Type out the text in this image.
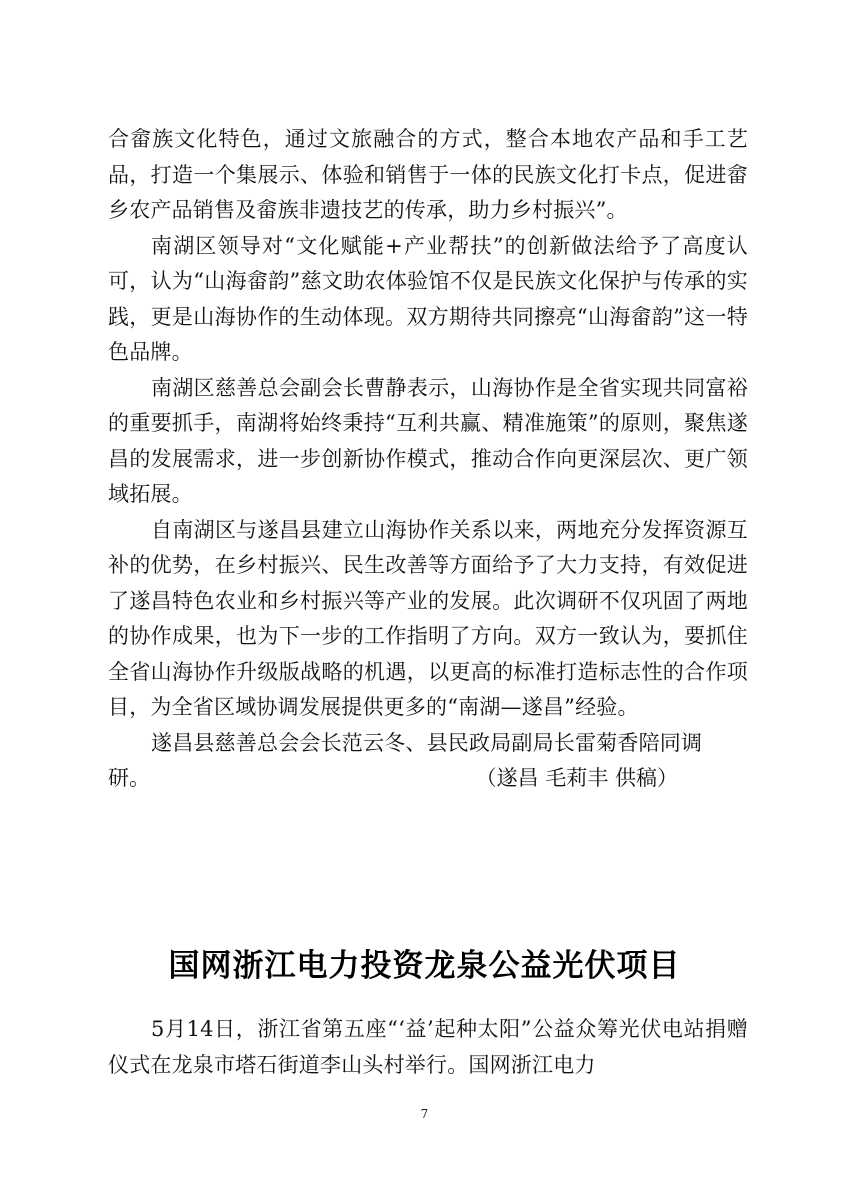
合畲族文化特色，通过文旅融合的方式，整合本地农产品和手工艺品，打造一个集展示、体验和销售于一体的民族文化打卡点，促进畲乡农产品销售及畲族非遗技艺的传承，助力乡村振兴”。

南湖区领导对“文化赋能+产业帮扶”的创新做法给予了高度认可，认为“山海畲韵”慈文助农体验馆不仅是民族文化保护与传承的实践，更是山海协作的生动体现。双方期待共同擦亮“山海畲韵”这一特色品牌。

南湖区慈善总会副会长曹静表示，山海协作是全省实现共同富裕的重要抓手，南湖将始终秉持“互利共赢、精准施策”的原则，聚焦遂昌的发展需求，进一步创新协作模式，推动合作向更深层次、更广领域拓展。

自南湖区与遂昌县建立山海协作关系以来，两地充分发挥资源互补的优势，在乡村振兴、民生改善等方面给予了大力支持，有效促进了遂昌特色农业和乡村振兴等产业的发展。此次调研不仅巩固了两地的协作成果，也为下一步的工作指明了方向。双方一致认为，要抓住全省山海协作升级版战略的机遇，以更高的标准打造标志性的合作项目，为全省区域协调发展提供更多的“南湖—遂昌”经验。

遂昌县慈善总会会长范云冬、县民政局副局长雷菊香陪同调

研。	（遂昌 毛莉丰 供稿）
国网浙江电力投资龙泉公益光伏项目

5月14日，浙江省第五座“‘益’起种太阳”公益众筹光伏电站捐赠仪式在龙泉市塔石街道李山头村举行。国网浙江电力

7
